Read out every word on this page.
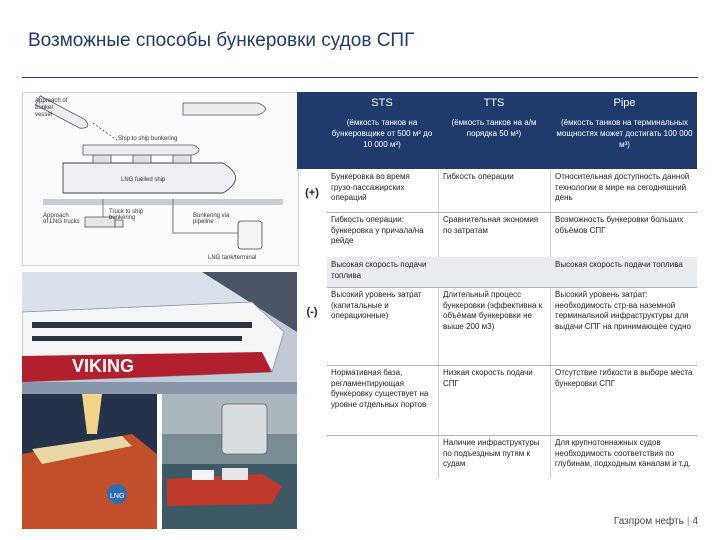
Возможные способы бункеровки судов СПГ
Approach of
bunker
vessel
Ship to ship bunkering
LNG fuelled ship
Truck to ship
bunkering
Approach
of LNG trucks
Bunkering via
pipeline
LNG tank/terminal
VIKING
LNG
STS
(ёмкость танков на бункеровщике от 500 м³ до 10 000 м³)
TTS
(ёмкость танков на а/м порядка 50 м³)
Pipe
(ёмкость танков на терминальных мощностях может достигать 100 000 м³)
(+)
(-)
Бункеровка во время грузо-пассажирских операций
Гибкость операции	Относительная доступность данной технологии в мире на сегодняшний день
Гибкость операции: бункеровка у причала/на рейде
Сравнительная экономия по затратам
Возможность бункеровки больших объёмов СПГ
Высокая скорость подачи топлива
Высокая скорость подачи топлива
Высокий уровень затрат (капитальные и операционные)
Длительный процесс бункеровки (эффективна к объёмам бункеровки не выше 200 м3)
Высокий уровень затрат: необходимость стр-ва наземной терминальной инфраструктуры для выдачи СПГ на принимающее судно
Нормативная база, регламентирующая бункеровку существует на уровне отдельных портов
Низкая скорость подачи СПГ
Отсутствие гибкости в выборе места бункеровки СПГ
Наличие инфраструктуры по подъездным путям к судам
Для крупнотоннажных судов необходимость соответствия по глубинам, подходным каналам и т.д.
Газпром нефть | 4
